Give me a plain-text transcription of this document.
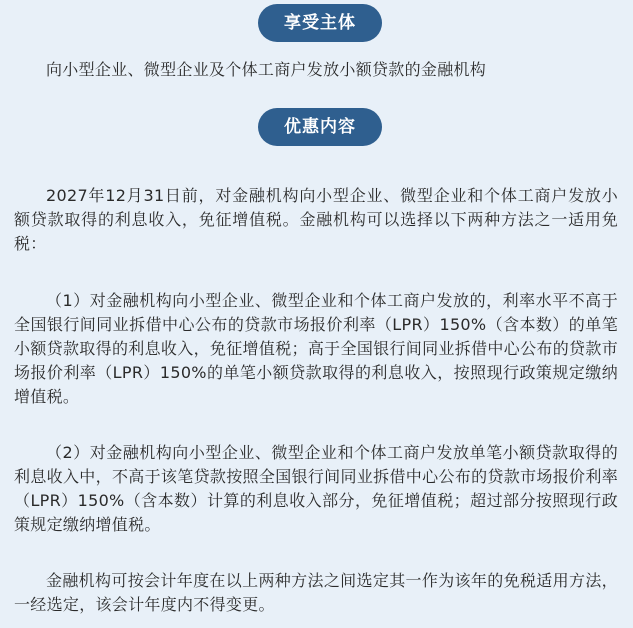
享受主体

向小型企业、微型企业及个体工商户发放小额贷款的金融机构

优惠内容

2027年12月31日前，对金融机构向小型企业、微型企业和个体工商户发放小额贷款取得的利息收入，免征增值税。金融机构可以选择以下两种方法之一适用免税：

（1）对金融机构向小型企业、微型企业和个体工商户发放的，利率水平不高于全国银行间同业拆借中心公布的贷款市场报价利率（LPR）150%（含本数）的单笔小额贷款取得的利息收入，免征增值税；高于全国银行间同业拆借中心公布的贷款市场报价利率（LPR）150%的单笔小额贷款取得的利息收入，按照现行政策规定缴纳增值税。

（2）对金融机构向小型企业、微型企业和个体工商户发放单笔小额贷款取得的利息收入中，不高于该笔贷款按照全国银行间同业拆借中心公布的贷款市场报价利率（LPR）150%（含本数）计算的利息收入部分，免征增值税；超过部分按照现行政策规定缴纳增值税。

金融机构可按会计年度在以上两种方法之间选定其一作为该年的免税适用方法，一经选定，该会计年度内不得变更。
